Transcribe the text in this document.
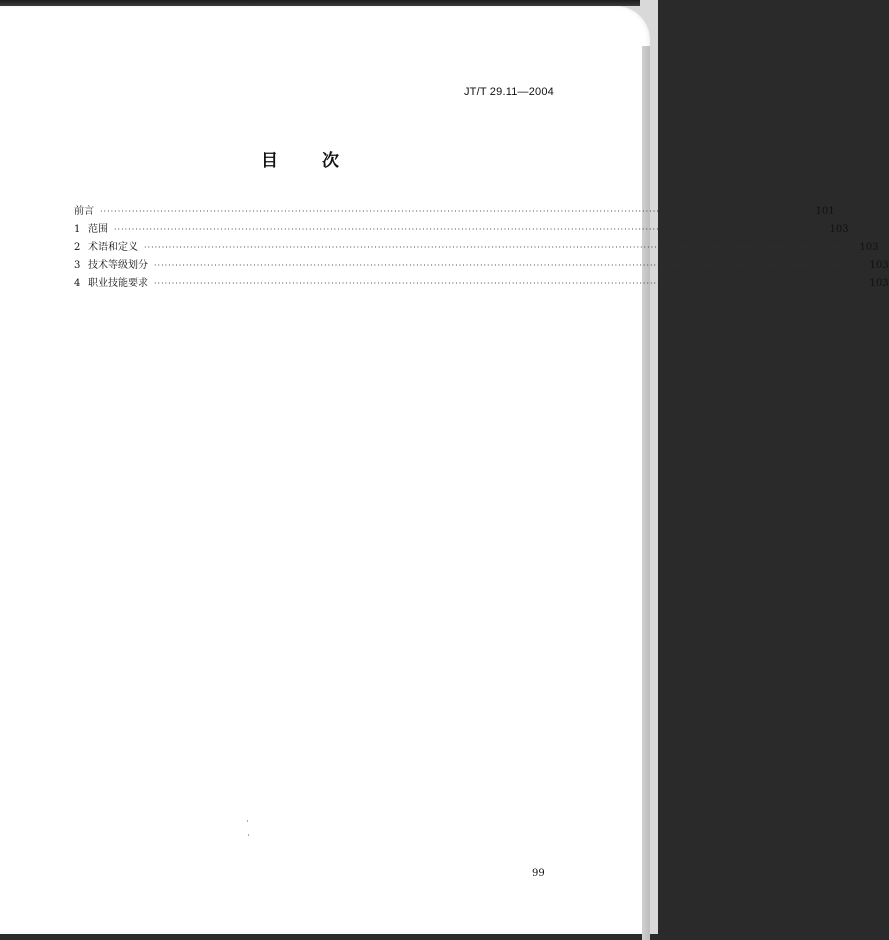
JT/T 29.11—2004
目	次
前言 ········································································································································································································ 101
1 范围 ········································································································································································································ 103
2 术语和定义 ········································································································································································································ 103
3 技术等级划分 ········································································································································································································ 103
4 职业技能要求 ········································································································································································································ 103
99
